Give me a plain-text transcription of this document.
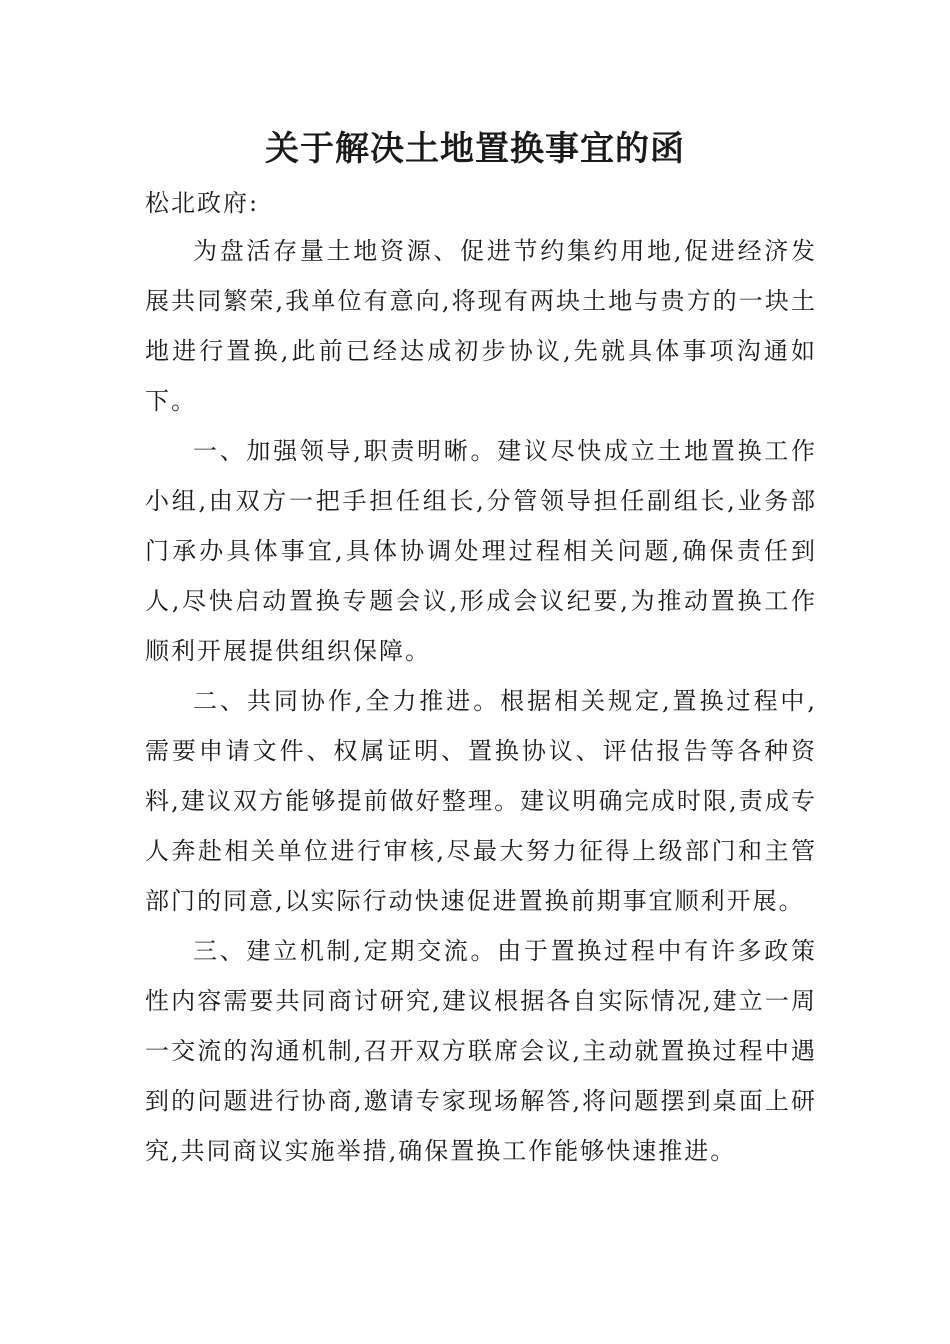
关于解决土地置换事宜的函
松北政府:

为盘活存量土地资源、促进节约集约用地,促进经济发展共同繁荣,我单位有意向,将现有两块土地与贵方的一块土地进行置换,此前已经达成初步协议,先就具体事项沟通如下。

一、加强领导,职责明晰。建议尽快成立土地置换工作小组,由双方一把手担任组长,分管领导担任副组长,业务部门承办具体事宜,具体协调处理过程相关问题,确保责任到人,尽快启动置换专题会议,形成会议纪要,为推动置换工作顺利开展提供组织保障。

二、共同协作,全力推进。根据相关规定,置换过程中,需要申请文件、权属证明、置换协议、评估报告等各种资料,建议双方能够提前做好整理。建议明确完成时限,责成专人奔赴相关单位进行审核,尽最大努力征得上级部门和主管部门的同意,以实际行动快速促进置换前期事宜顺利开展。

三、建立机制,定期交流。由于置换过程中有许多政策性内容需要共同商讨研究,建议根据各自实际情况,建立一周一交流的沟通机制,召开双方联席会议,主动就置换过程中遇到的问题进行协商,邀请专家现场解答,将问题摆到桌面上研究,共同商议实施举措,确保置换工作能够快速推进。
